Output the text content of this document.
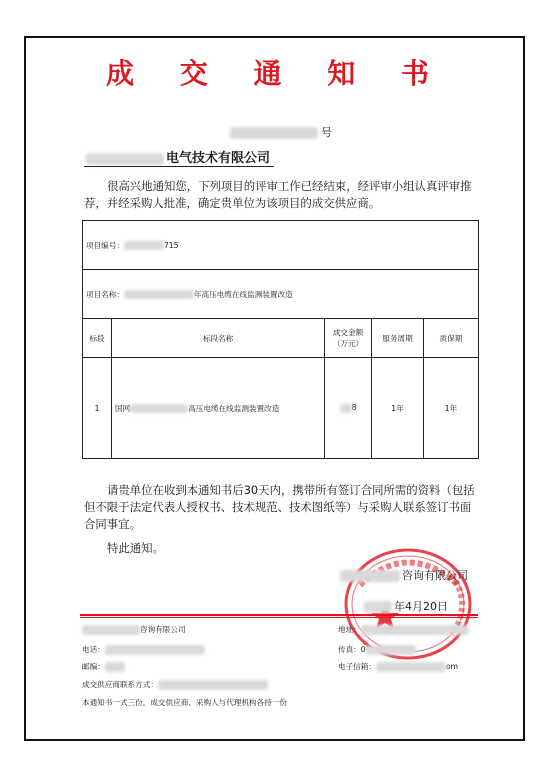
成 交 通 知 书
号
电气技术有限公司
很高兴地通知您，下列项目的评审工作已经结束，经评审小组认真评审推荐，并经采购人批准，确定贵单位为该项目的成交供应商。
项目编号： 715				
项目名称： 年高压电缆在线监测装置改造				
标段	标段名称	成交金额（万元）	服务周期	质保期
1	国网 高压电缆在线监测装置改造	8	1年	1年
请贵单位在收到本通知书后30天内，携带所有签订合同所需的资料（包括但不限于法定代表人授权书、技术规范、技术图纸等）与采购人联系签订书面合同事宜。
特此通知。
咨询有限公司
年4月20日
咨询有限公司	地址：
电话：	传真：0
邮编：	电子信箱：	om
成交供应商联系方式：
本通知书一式三份，成交供应商、采购人与代理机构各持一份
